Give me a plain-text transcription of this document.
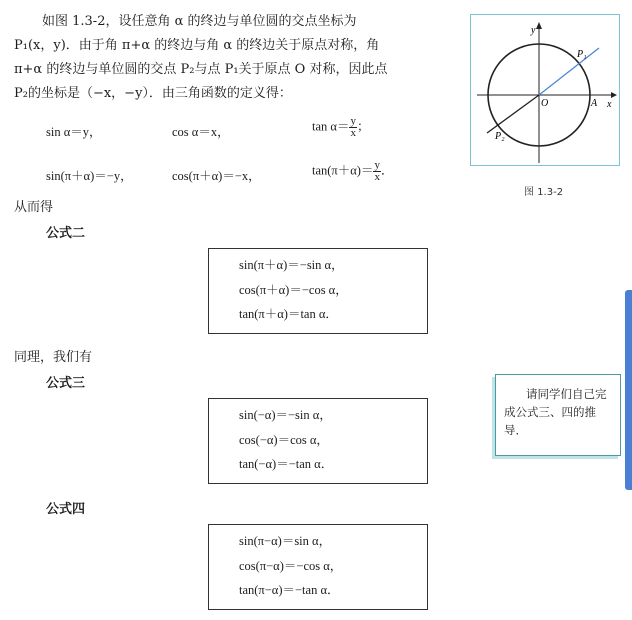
如图 1.3-2，设任意角 α 的终边与单位圆的交点坐标为

P₁(x，y)．由于角 π+α 的终边与角 α 的终边关于原点对称，角

π+α 的终边与单位圆的交点 P₂与点 P₁关于原点 O 对称，因此点

P₂的坐标是（−x，−y）．由三角函数的定义得：

sin α＝y，	cos α＝x，	$\tan \alpha= \frac{y}{x}$ ；
sin(π＋α)＝−y，	cos(π＋α)＝−x，	$\tan(\pi+\alpha)= \frac{y}{x}$ ．
从而得
公式二
sin(π＋α)＝−sin α，
cos(π＋α)＝−cos α，
tan(π＋α)＝tan α．
同理，我们有
公式三
sin(−α)＝−sin α，
cos(−α)＝cos α，
tan(−α)＝−tan α．
公式四
sin(π−α)＝sin α，
cos(π−α)＝−cos α，
tan(π−α)＝−tan α．
y
x
O	A
P₁
P₂
图 1.3-2
请同学们自己完成公式三、四的推导．
